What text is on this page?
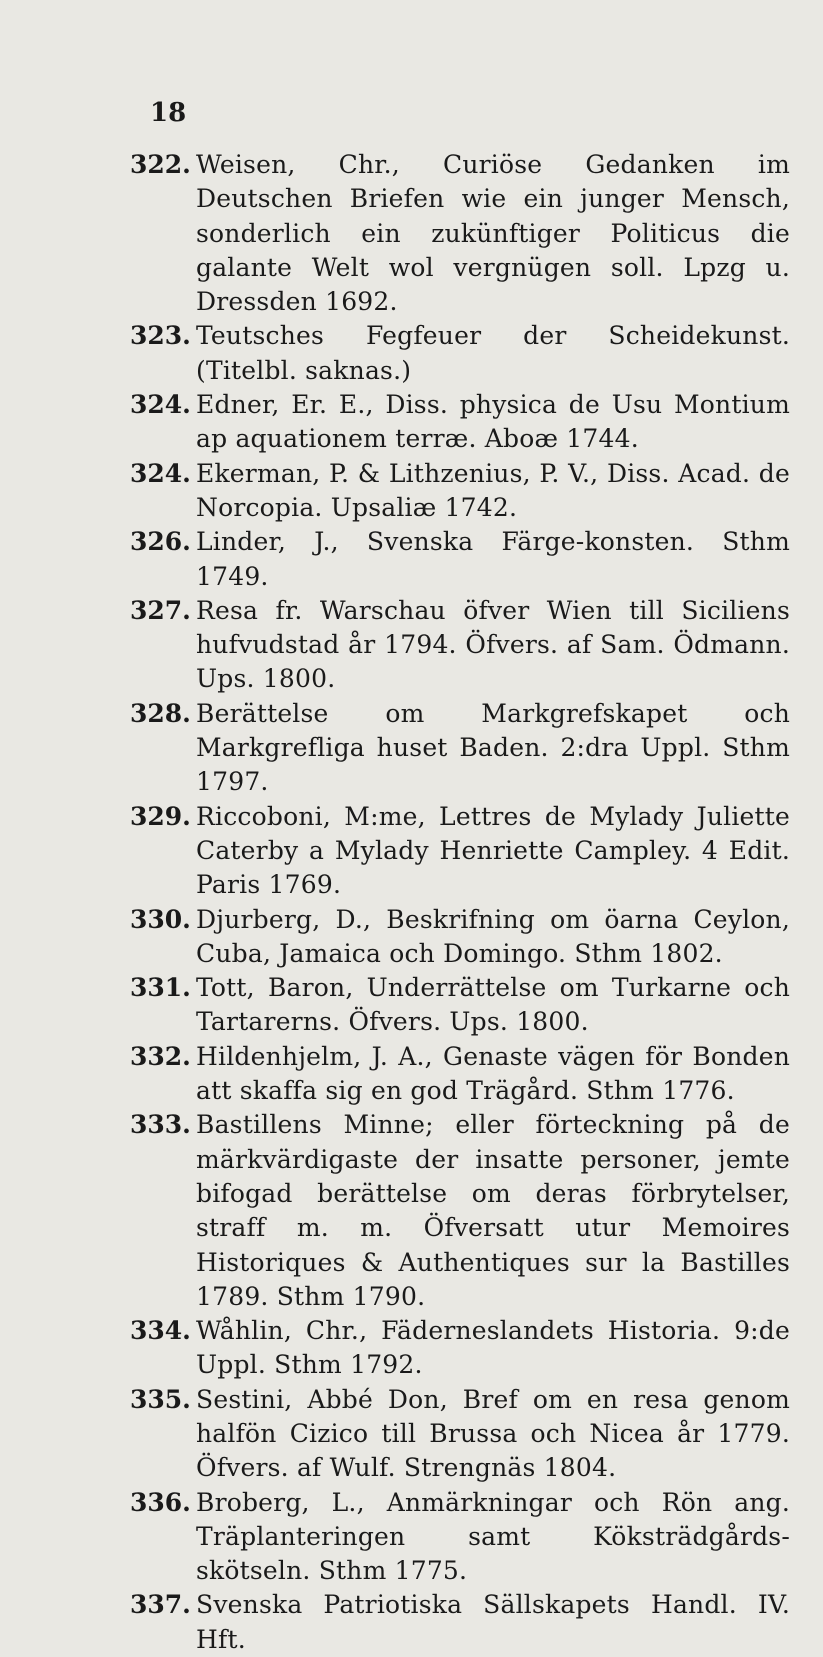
18
322. Weisen, Chr., Curiöse Gedanken im Deutschen Briefen wie ein junger Mensch, sonderlich ein zukünftiger Politicus die galante Welt wol vergnügen soll. Lpzg u. Dressden 1692.
323. Teutsches Fegfeuer der Scheidekunst. (Titelbl. saknas.)
324. Edner, Er. E., Diss. physica de Usu Montium ap aquationem terræ. Aboæ 1744.
324. Ekerman, P. & Lithzenius, P. V., Diss. Acad. de Norcopia. Upsaliæ 1742.
326. Linder, J., Svenska Färge-konsten. Sthm 1749.
327. Resa fr. Warschau öfver Wien till Siciliens hufvudstad år 1794. Öfvers. af Sam. Ödmann. Ups. 1800.
328. Berättelse om Markgrefskapet och Markgrefliga huset Baden. 2:dra Uppl. Sthm 1797.
329. Riccoboni, M:me, Lettres de Mylady Juliette Caterby a Mylady Henriette Campley. 4 Edit. Paris 1769.
330. Djurberg, D., Beskrifning om öarna Ceylon, Cuba, Jamaica och Domingo. Sthm 1802.
331. Tott, Baron, Underrättelse om Turkarne och Tartarerns. Öfvers. Ups. 1800.
332. Hildenhjelm, J. A., Genaste vägen för Bonden att skaffa sig en god Trägård. Sthm 1776.
333. Bastillens Minne; eller förteckning på de märkvärdigaste der insatte personer, jemte bifogad berättelse om deras förbrytelser, straff m. m. Öfversatt utur Memoires Historiques & Authentiques sur la Bastilles 1789. Sthm 1790.
334. Wåhlin, Chr., Fäderneslandets Historia. 9:de Uppl. Sthm 1792.
335. Sestini, Abbé Don, Bref om en resa genom halfön Cizico till Brussa och Nicea år 1779. Öfvers. af Wulf. Strengnäs 1804.
336. Broberg, L., Anmärkningar och Rön ang. Träplanteringen samt Köksträdgårds-skötseln. Sthm 1775.
337. Svenska Patriotiska Sällskapets Handl. IV. Hft.
